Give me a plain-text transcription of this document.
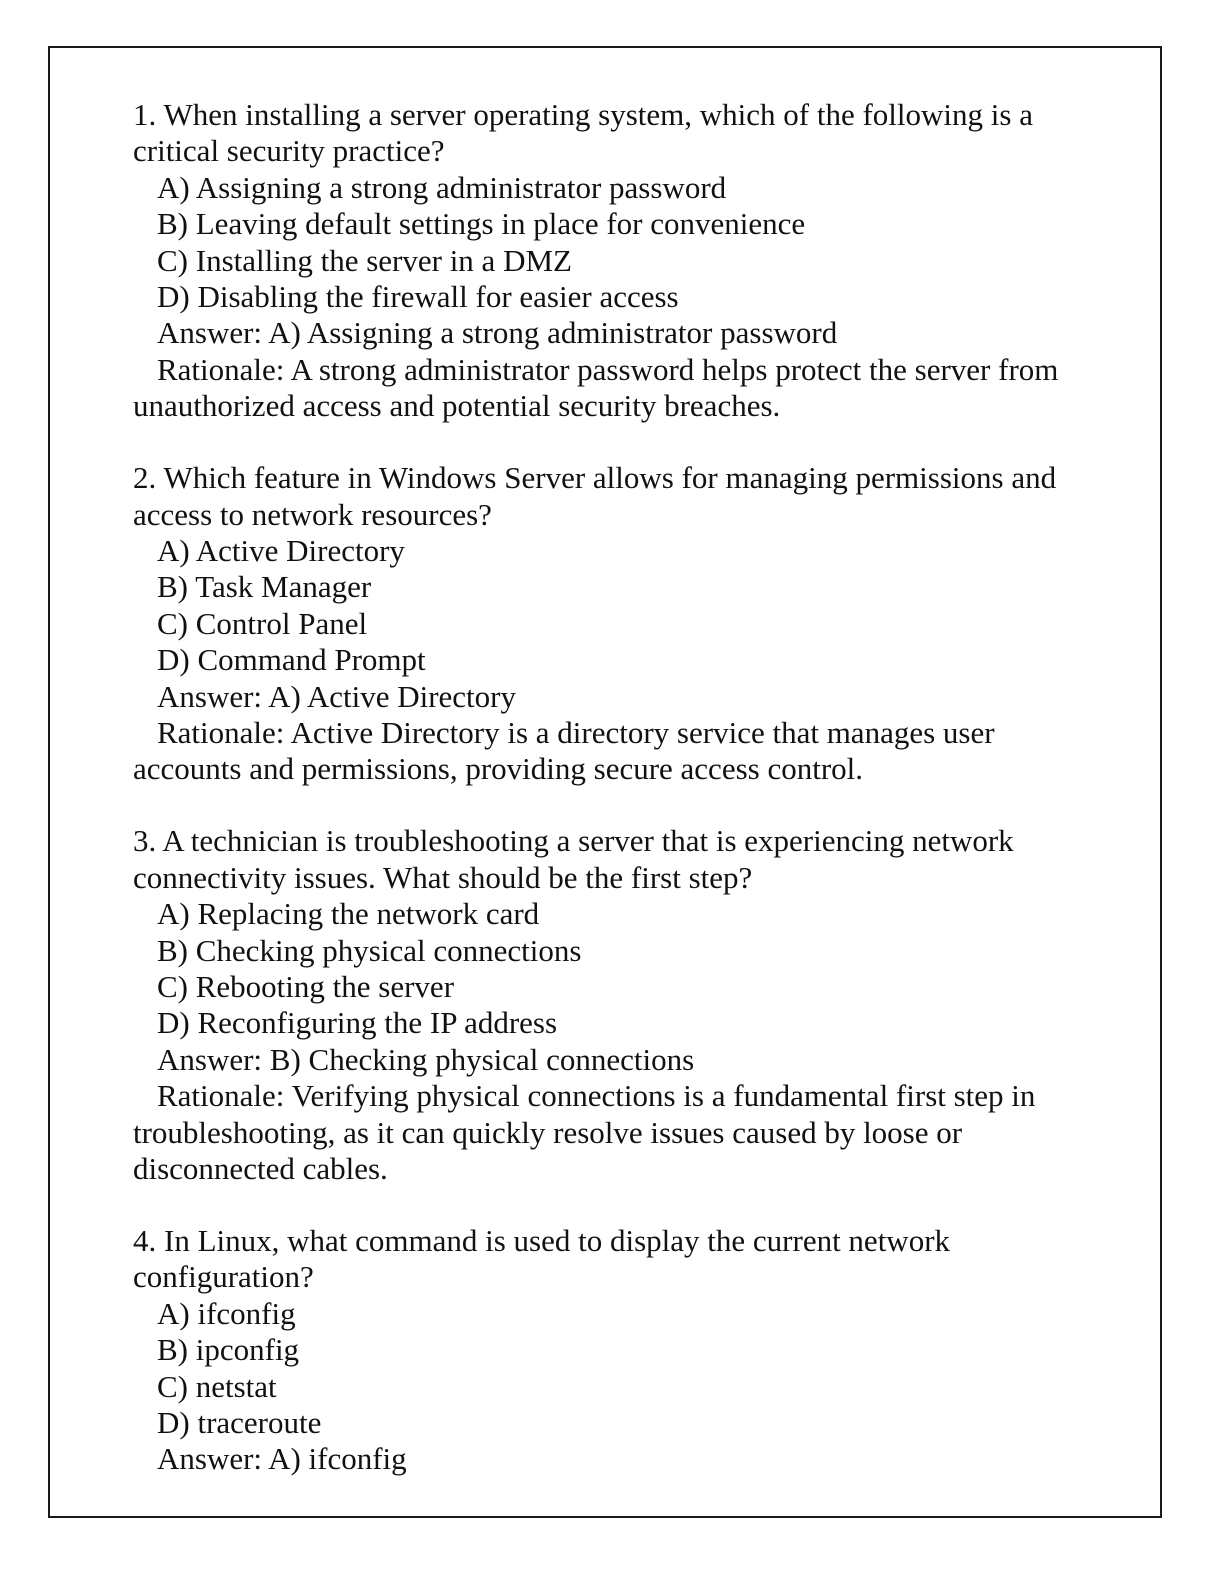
1. When installing a server operating system, which of the following is a critical security practice?

A) Assigning a strong administrator password

B) Leaving default settings in place for convenience

C) Installing the server in a DMZ

D) Disabling the firewall for easier access

Answer: A) Assigning a strong administrator password

Rationale: A strong administrator password helps protect the server from unauthorized access and potential security breaches.

2. Which feature in Windows Server allows for managing permissions and access to network resources?

A) Active Directory

B) Task Manager

C) Control Panel

D) Command Prompt

Answer: A) Active Directory

Rationale: Active Directory is a directory service that manages user accounts and permissions, providing secure access control.

3. A technician is troubleshooting a server that is experiencing network connectivity issues. What should be the first step?

A) Replacing the network card

B) Checking physical connections

C) Rebooting the server

D) Reconfiguring the IP address

Answer: B) Checking physical connections

Rationale: Verifying physical connections is a fundamental first step in troubleshooting, as it can quickly resolve issues caused by loose or disconnected cables.

4. In Linux, what command is used to display the current network configuration?

A) ifconfig

B) ipconfig

C) netstat

D) traceroute

Answer: A) ifconfig
